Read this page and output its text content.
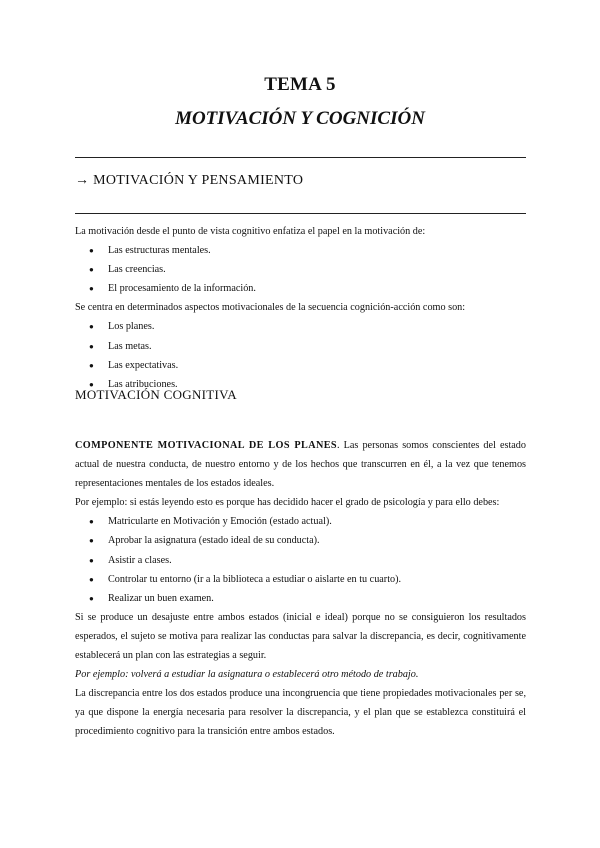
TEMA 5
MOTIVACIÓN Y COGNICIÓN
→ MOTIVACIÓN Y PENSAMIENTO

La motivación desde el punto de vista cognitivo enfatiza el papel en la motivación de:

● Las estructuras mentales.
● Las creencias.
● El procesamiento de la información.

Se centra en determinados aspectos motivacionales de la secuencia cognición-acción como son:

● Los planes.
● Las metas.
● Las expectativas.
● Las atribuciones.
MOTIVACIÓN COGNITIVA

COMPONENTE MOTIVACIONAL DE LOS PLANES. Las personas somos conscientes del estado actual de nuestra conducta, de nuestro entorno y de los hechos que transcurren en él, a la vez que tenemos representaciones mentales de los estados ideales.

Por ejemplo: si estás leyendo esto es porque has decidido hacer el grado de psicología y para ello debes:

● Matricularte en Motivación y Emoción (estado actual).
● Aprobar la asignatura (estado ideal de su conducta).
● Asistir a clases.
● Controlar tu entorno (ir a la biblioteca a estudiar o aislarte en tu cuarto).
● Realizar un buen examen.

Si se produce un desajuste entre ambos estados (inicial e ideal) porque no se consiguieron los resultados esperados, el sujeto se motiva para realizar las conductas para salvar la discrepancia, es decir, cognitivamente establecerá un plan con las estrategias a seguir.

Por ejemplo: volverá a estudiar la asignatura o establecerá otro método de trabajo.

La discrepancia entre los dos estados produce una incongruencia que tiene propiedades motivacionales per se, ya que dispone la energía necesaria para resolver la discrepancia, y el plan que se establezca constituirá el procedimiento cognitivo para la transición entre ambos estados.
